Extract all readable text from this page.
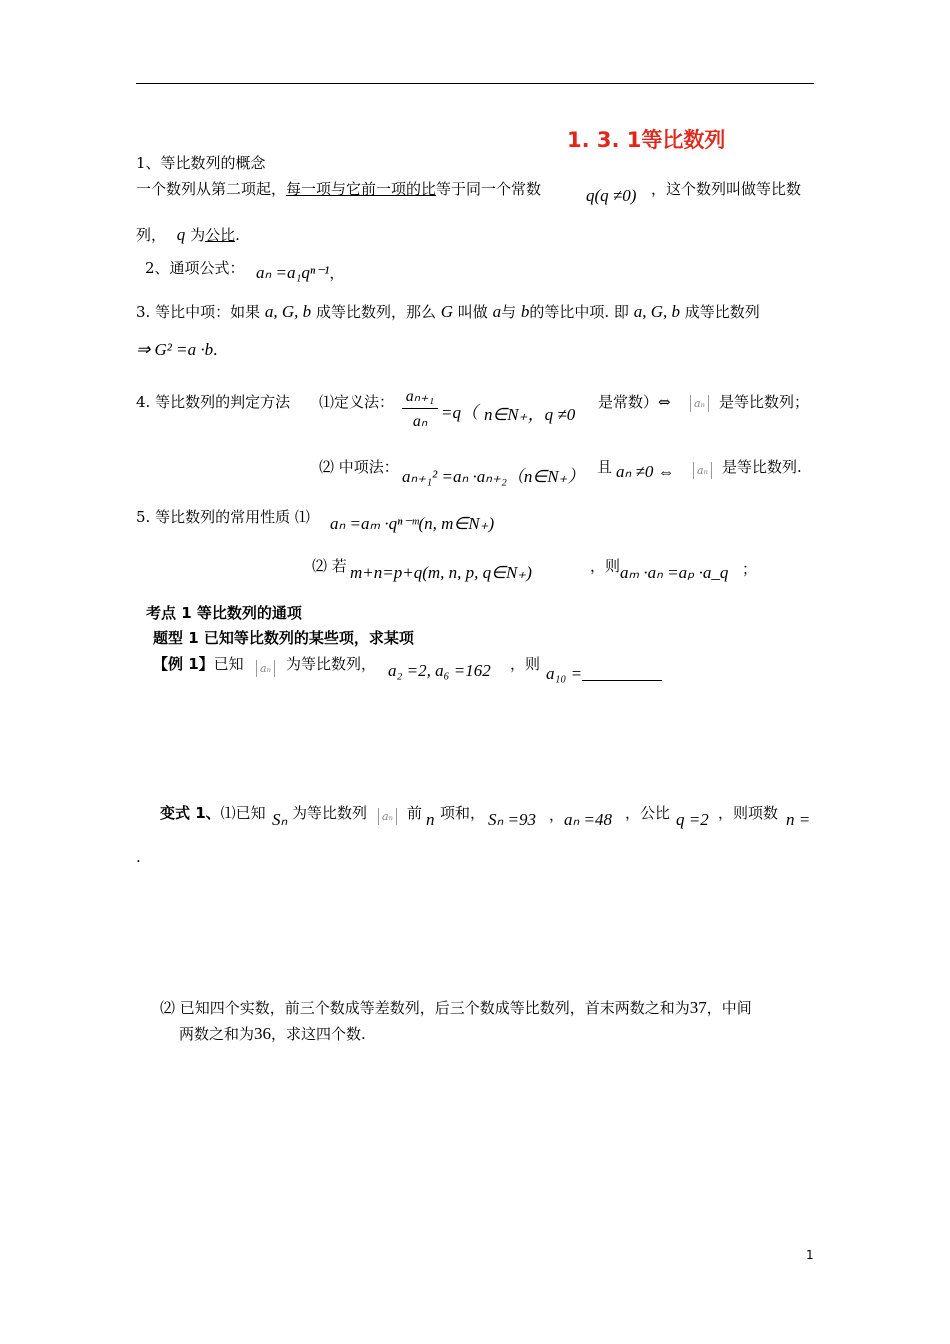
1. 3. 1等比数列
1、等比数列的概念
一个数列从第二项起，每一项与它前一项的比等于同一个常数	q(q ≠0) ，这个数列叫做等比数
列， q 为公比.
2、通项公式： aₙ =a₁qⁿ⁻¹，
3. 等比中项：如果 a, G, b 成等比数列，那么 G 叫做 a与 b的等比中项. 即 a, G, b 成等比数列
⇒ G² =a ·b.
4. 等比数列的判定方法 ⑴定义法： aₙ₊₁
aₙ =q（ n∈N₊，q ≠0
是常数）⇔	aₙ 是等比数列；
⑵ 中项法： aₙ₊₁² =aₙ ·aₙ₊₂（n∈N₊） 且 aₙ ≠0 ⇔	aₙ 是等比数列.
5. 等比数列的常用性质 ⑴ aₙ =aₘ ·qⁿ⁻ᵐ(n, m∈N₊)
⑵ 若 m+n=p+q(m, n, p, q∈N₊)	，则 aₘ ·aₙ =aₚ ·a_q ；
考点 1 等比数列的通项
题型 1 已知等比数列的某些项，求某项
【例 1】已知	aₙ 为等比数列， a₂ =2, a₆ =162 ，则 a₁₀ =
变式 1、⑴已知 Sₙ 为等比数列	aₙ 前 n 项和， Sₙ =93 ， aₙ =48 ，公比 q =2 ，则项数 n =
.
⑵ 已知四个实数，前三个数成等差数列，后三个数成等比数列，首末两数之和为37，中间
两数之和为36，求这四个数.
1
